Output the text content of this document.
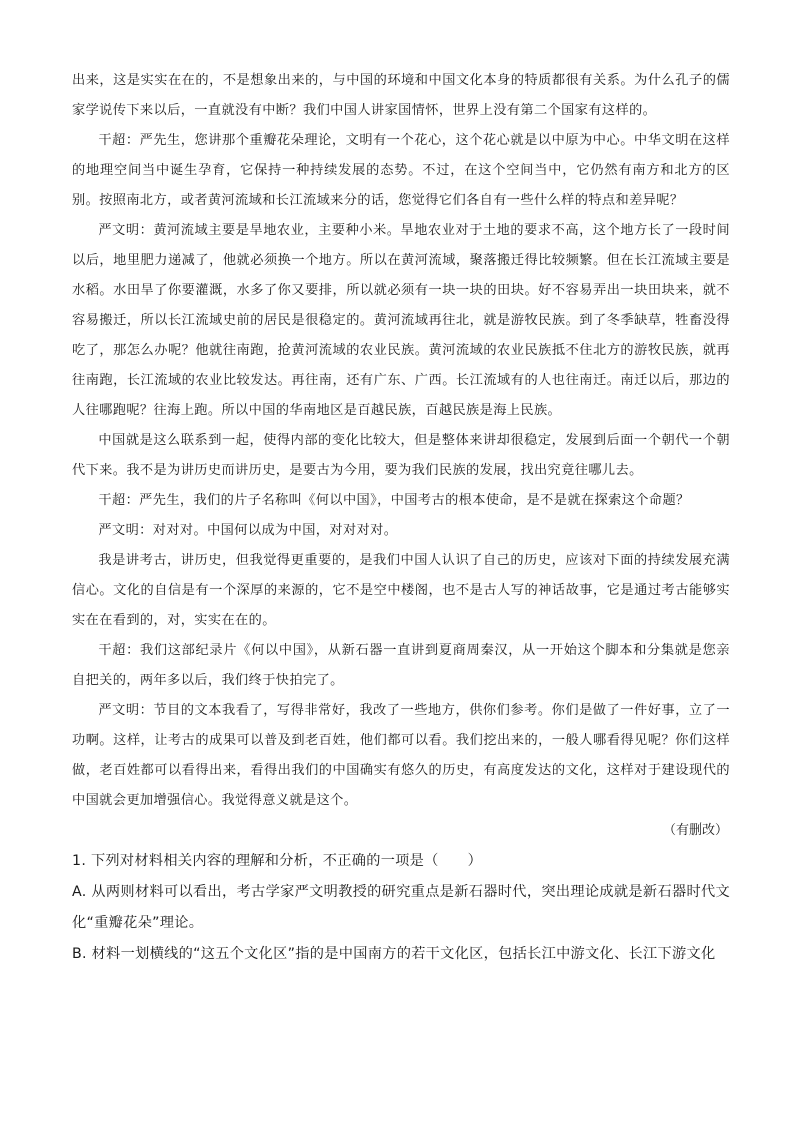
出来，这是实实在在的，不是想象出来的，与中国的环境和中国文化本身的特质都很有关系。为什么孔子的儒家学说传下来以后，一直就没有中断？我们中国人讲家国情怀，世界上没有第二个国家有这样的。

干超：严先生，您讲那个重瓣花朵理论，文明有一个花心，这个花心就是以中原为中心。中华文明在这样的地理空间当中诞生孕育，它保持一种持续发展的态势。不过，在这个空间当中，它仍然有南方和北方的区别。按照南北方，或者黄河流域和长江流域来分的话，您觉得它们各自有一些什么样的特点和差异呢？

严文明：黄河流域主要是旱地农业，主要种小米。旱地农业对于土地的要求不高，这个地方长了一段时间以后，地里肥力递减了，他就必须换一个地方。所以在黄河流域，聚落搬迁得比较频繁。但在长江流域主要是水稻。水田旱了你要灌溉，水多了你又要排，所以就必须有一块一块的田块。好不容易弄出一块田块来，就不容易搬迁，所以长江流域史前的居民是很稳定的。黄河流域再往北，就是游牧民族。到了冬季缺草，牲畜没得吃了，那怎么办呢？他就往南跑，抢黄河流域的农业民族。黄河流域的农业民族抵不住北方的游牧民族，就再往南跑，长江流域的农业比较发达。再往南，还有广东、广西。长江流域有的人也往南迁。南迁以后，那边的人往哪跑呢？往海上跑。所以中国的华南地区是百越民族，百越民族是海上民族。

中国就是这么联系到一起，使得内部的变化比较大，但是整体来讲却很稳定，发展到后面一个朝代一个朝代下来。我不是为讲历史而讲历史，是要古为今用，要为我们民族的发展，找出究竟往哪儿去。

干超：严先生，我们的片子名称叫《何以中国》，中国考古的根本使命，是不是就在探索这个命题？

严文明：对对对。中国何以成为中国，对对对对。

我是讲考古，讲历史，但我觉得更重要的，是我们中国人认识了自己的历史，应该对下面的持续发展充满信心。文化的自信是有一个深厚的来源的，它不是空中楼阁，也不是古人写的神话故事，它是通过考古能够实实在在看到的，对，实实在在的。

干超：我们这部纪录片《何以中国》，从新石器一直讲到夏商周秦汉，从一开始这个脚本和分集就是您亲自把关的，两年多以后，我们终于快拍完了。

严文明：节目的文本我看了，写得非常好，我改了一些地方，供你们参考。你们是做了一件好事，立了一功啊。这样，让考古的成果可以普及到老百姓，他们都可以看。我们挖出来的，一般人哪看得见呢？你们这样做，老百姓都可以看得出来，看得出我们的中国确实有悠久的历史，有高度发达的文化，这样对于建设现代的中国就会更加增强信心。我觉得意义就是这个。

（有删改）

1. 下列对材料相关内容的理解和分析，不正确的一项是（　　）

A. 从两则材料可以看出，考古学家严文明教授的研究重点是新石器时代，突出理论成就是新石器时代文化“重瓣花朵”理论。

B. 材料一划横线的“这五个文化区”指的是中国南方的若干文化区，包括长江中游文化、长江下游文化
